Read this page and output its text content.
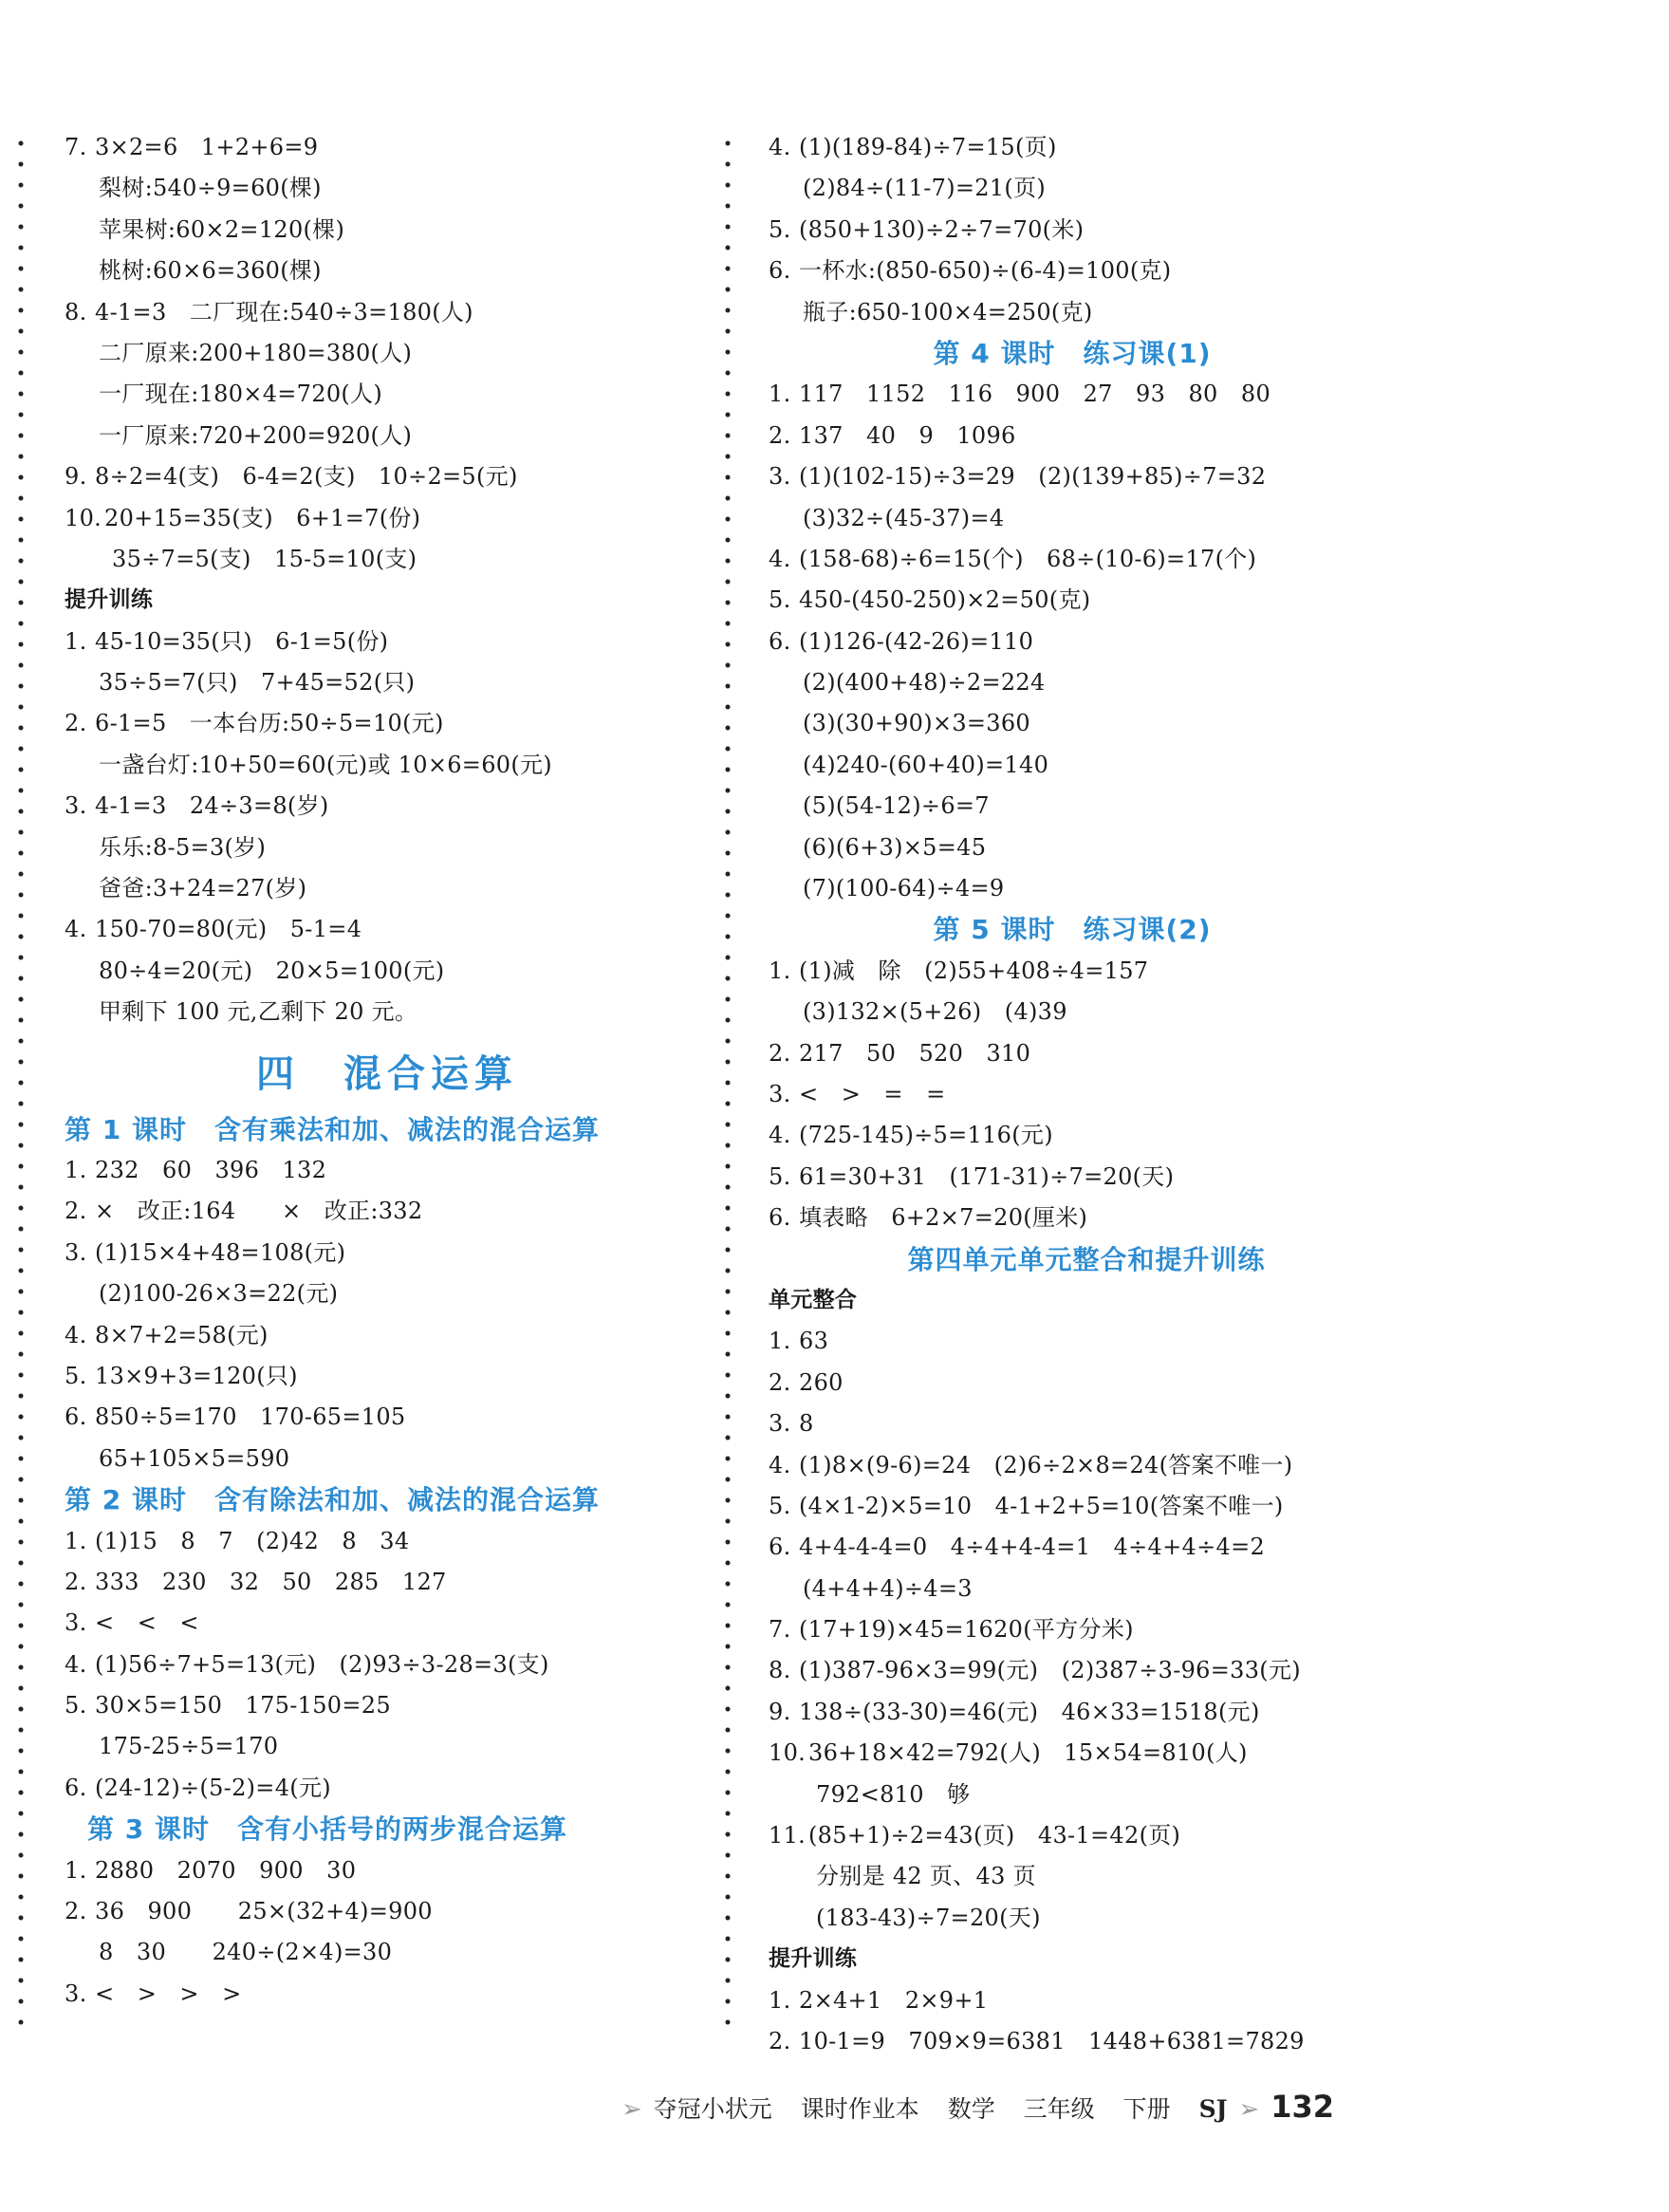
7. 3×2=6　1+2+6=9
梨树:540÷9=60(棵)
苹果树:60×2=120(棵)
桃树:60×6=360(棵)
8. 4-1=3　二厂现在:540÷3=180(人)
二厂原来:200+180=380(人)
一厂现在:180×4=720(人)
一厂原来:720+200=920(人)
9. 8÷2=4(支)　6-4=2(支)　10÷2=5(元)
10. 20+15=35(支)　6+1=7(份)
35÷7=5(支)　15-5=10(支)
提升训练
1. 45-10=35(只)　6-1=5(份)
35÷5=7(只)　7+45=52(只)
2. 6-1=5　一本台历:50÷5=10(元)
一盏台灯:10+50=60(元)或 10×6=60(元)
3. 4-1=3　24÷3=8(岁)
乐乐:8-5=3(岁)
爸爸:3+24=27(岁)
4. 150-70=80(元)　5-1=4
80÷4=20(元)　20×5=100(元)
甲剩下 100 元,乙剩下 20 元。
四　混合运算
第 1 课时　含有乘法和加、减法的混合运算
1. 232　60　396　132
2. ×　改正:164　　×　改正:332
3. (1)15×4+48=108(元)
(2)100-26×3=22(元)
4. 8×7+2=58(元)
5. 13×9+3=120(只)
6. 850÷5=170　170-65=105
65+105×5=590
第 2 课时　含有除法和加、减法的混合运算
1. (1)15　8　7　(2)42　8　34
2. 333　230　32　50　285　127
3. <　<　<
4. (1)56÷7+5=13(元)　(2)93÷3-28=3(支)
5. 30×5=150　175-150=25
175-25÷5=170
6. (24-12)÷(5-2)=4(元)
第 3 课时　含有小括号的两步混合运算
1. 2880　2070　900　30
2. 36　900　　25×(32+4)=900
8　30　　240÷(2×4)=30
3. <　>　>　>
4. (1)(189-84)÷7=15(页)
(2)84÷(11-7)=21(页)
5. (850+130)÷2÷7=70(米)
6. 一杯水:(850-650)÷(6-4)=100(克)
瓶子:650-100×4=250(克)
第 4 课时　练习课(1)
1. 117　1152　116　900　27　93　80　80
2. 137　40　9　1096
3. (1)(102-15)÷3=29　(2)(139+85)÷7=32
(3)32÷(45-37)=4
4. (158-68)÷6=15(个)　68÷(10-6)=17(个)
5. 450-(450-250)×2=50(克)
6. (1)126-(42-26)=110
(2)(400+48)÷2=224
(3)(30+90)×3=360
(4)240-(60+40)=140
(5)(54-12)÷6=7
(6)(6+3)×5=45
(7)(100-64)÷4=9
第 5 课时　练习课(2)
1. (1)减　除　(2)55+408÷4=157
(3)132×(5+26)　(4)39
2. 217　50　520　310
3. <　>　=　=
4. (725-145)÷5=116(元)
5. 61=30+31　(171-31)÷7=20(天)
6. 填表略　6+2×7=20(厘米)
第四单元单元整合和提升训练
单元整合
1. 63
2. 260
3. 8
4. (1)8×(9-6)=24　(2)6÷2×8=24(答案不唯一)
5. (4×1-2)×5=10　4-1+2+5=10(答案不唯一)
6. 4+4-4-4=0　4÷4+4-4=1　4÷4+4÷4=2
(4+4+4)÷4=3
7. (17+19)×45=1620(平方分米)
8. (1)387-96×3=99(元)　(2)387÷3-96=33(元)
9. 138÷(33-30)=46(元)　46×33=1518(元)
10. 36+18×42=792(人)　15×54=810(人)
792<810　够
11. (85+1)÷2=43(页)　43-1=42(页)
分别是 42 页、43 页
(183-43)÷7=20(天)
提升训练
1. 2×4+1　2×9+1
2. 10-1=9　709×9=6381　1448+6381=7829
➢ 夺冠小状元 课时作业本 数学 三年级 下册 SJ ➢ 132
